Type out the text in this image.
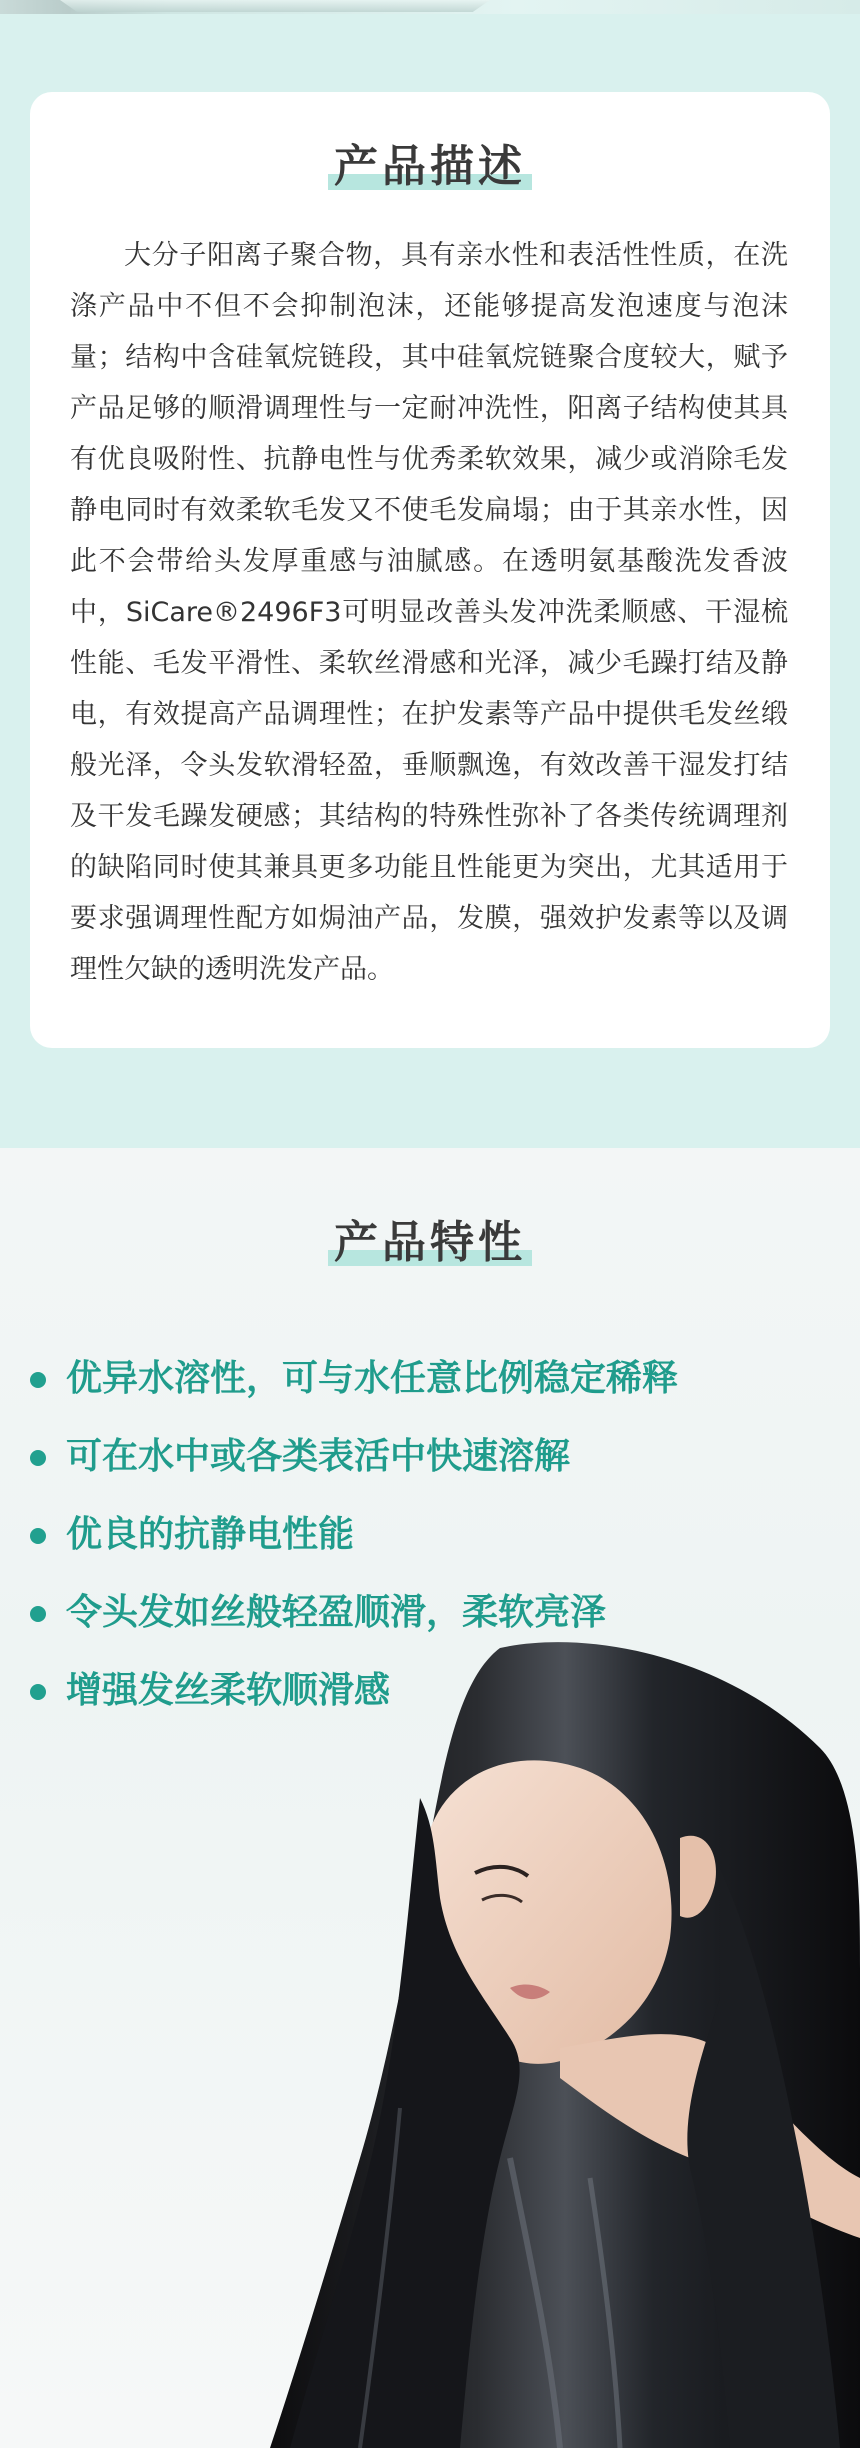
产品描述

大分子阳离子聚合物，具有亲水性和表活性性质，在洗涤产品中不但不会抑制泡沫，还能够提高发泡速度与泡沫量；结构中含硅氧烷链段，其中硅氧烷链聚合度较大，赋予产品足够的顺滑调理性与一定耐冲洗性，阳离子结构使其具有优良吸附性、抗静电性与优秀柔软效果，减少或消除毛发静电同时有效柔软毛发又不使毛发扁塌；由于其亲水性，因此不会带给头发厚重感与油腻感。在透明氨基酸洗发香波中，SiCare®2496F3可明显改善头发冲洗柔顺感、干湿梳性能、毛发平滑性、柔软丝滑感和光泽，减少毛躁打结及静电，有效提高产品调理性；在护发素等产品中提供毛发丝缎般光泽，令头发软滑轻盈，垂顺飘逸，有效改善干湿发打结及干发毛躁发硬感；其结构的特殊性弥补了各类传统调理剂的缺陷同时使其兼具更多功能且性能更为突出，尤其适用于要求强调理性配方如焗油产品，发膜，强效护发素等以及调理性欠缺的透明洗发产品。

产品特性
优异水溶性，可与水任意比例稳定稀释
可在水中或各类表活中快速溶解
优良的抗静电性能
令头发如丝般轻盈顺滑，柔软亮泽
增强发丝柔软顺滑感
